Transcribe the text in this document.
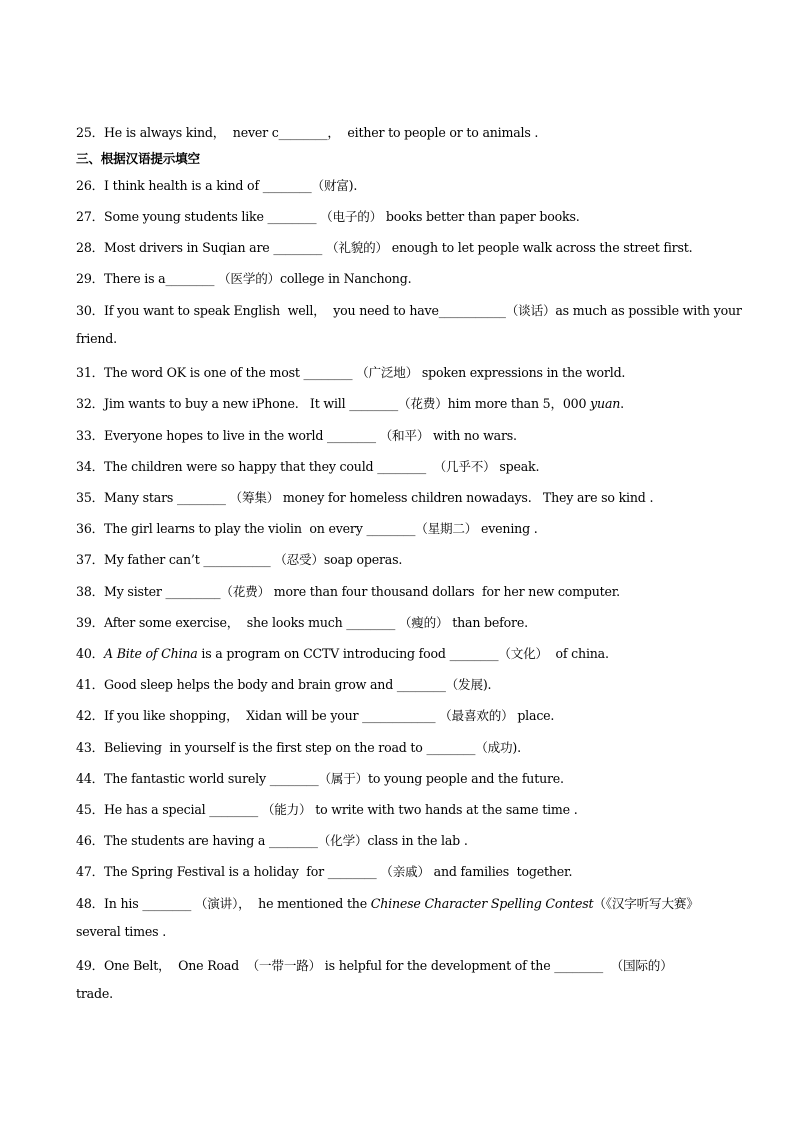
25．He is always kind，  never c________，  either to people or to animals .
三、根据汉语提示填空
26．I think health is a kind of ________（财富).
27．Some young students like ________ （电子的） books better than paper books.
28．Most drivers in Suqian are ________ （礼貌的） enough to let people walk across the street first.
29．There is a________ （医学的）college in Nanchong.
30．If you want to speak English  well，  you need to have___________（谈话）as much as possible with your
friend.
31．The word OK is one of the most ________ （广泛地） spoken expressions in the world.
32．Jim wants to buy a new iPhone.   It will ________（花费）him more than 5，000 yuan.
33．Everyone hopes to live in the world ________ （和平） with no wars.
34．The children were so happy that they could ________  （几乎不） speak.
35．Many stars ________ （筹集） money for homeless children nowadays.   They are so kind .
36．The girl learns to play the violin  on every ________（星期二） evening .
37．My father can’t ___________ （忍受）soap operas.
38．My sister _________（花费） more than four thousand dollars  for her new computer.
39．After some exercise，  she looks much ________ （瘦的） than before.
40．A Bite of China is a program on CCTV introducing food ________（文化）  of china.
41．Good sleep helps the body and brain grow and ________（发展).
42．If you like shopping，  Xidan will be your ____________ （最喜欢的） place.
43．Believing  in yourself is the first step on the road to ________（成功).
44．The fantastic world surely ________（属于）to young people and the future.
45．He has a special ________ （能力） to write with two hands at the same time .
46．The students are having a ________（化学）class in the lab .
47．The Spring Festival is a holiday  for ________ （亲戚） and families  together.
48．In his ________ （演讲），  he mentioned the Chinese Character Spelling Contest（《汉字听写大赛》
several times .
49．One Belt，  One Road  （一带一路） is helpful for the development of the ________  （国际的）
trade.
